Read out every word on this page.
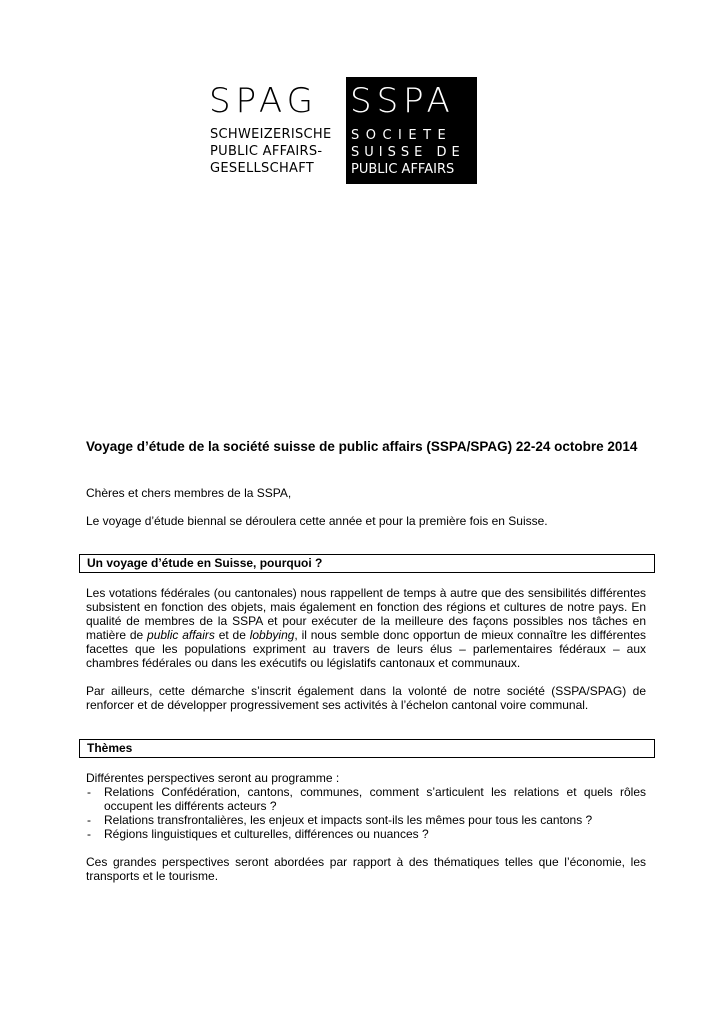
SPAG
SCHWEIZERISCHE
PUBLIC AFFAIRS-
GESELLSCHAFT
SSPA
SOCIETE
SUISSE DE
PUBLIC AFFAIRS
Voyage d’étude de la société suisse de public affairs (SSPA/SPAG) 22-24 octobre 2014
Chères et chers membres de la SSPA,
Le voyage d’étude biennal se déroulera cette année et pour la première fois en Suisse.
Un voyage d’étude en Suisse, pourquoi ?
Les votations fédérales (ou cantonales) nous rappellent de temps à autre que des sensibilités différentes subsistent en fonction des objets, mais également en fonction des régions et cultures de notre pays. En qualité de membres de la SSPA et pour exécuter de la meilleure des façons possibles nos tâches en matière de public affairs et de lobbying, il nous semble donc opportun de mieux connaître les différentes facettes que les populations expriment au travers de leurs élus – parlementaires fédéraux – aux chambres fédérales ou dans les exécutifs ou législatifs cantonaux et communaux.
Par ailleurs, cette démarche s’inscrit également dans la volonté de notre société (SSPA/SPAG) de renforcer et de développer progressivement ses activités à l’échelon cantonal voire communal.
Thèmes
Différentes perspectives seront au programme :
- Relations Confédération, cantons, communes, comment s’articulent les relations et quels rôles occupent les différents acteurs ?
- Relations transfrontalières, les enjeux et impacts sont-ils les mêmes pour tous les cantons ?
- Régions linguistiques et culturelles, différences ou nuances ?
Ces grandes perspectives seront abordées par rapport à des thématiques telles que l’économie, les transports et le tourisme.
